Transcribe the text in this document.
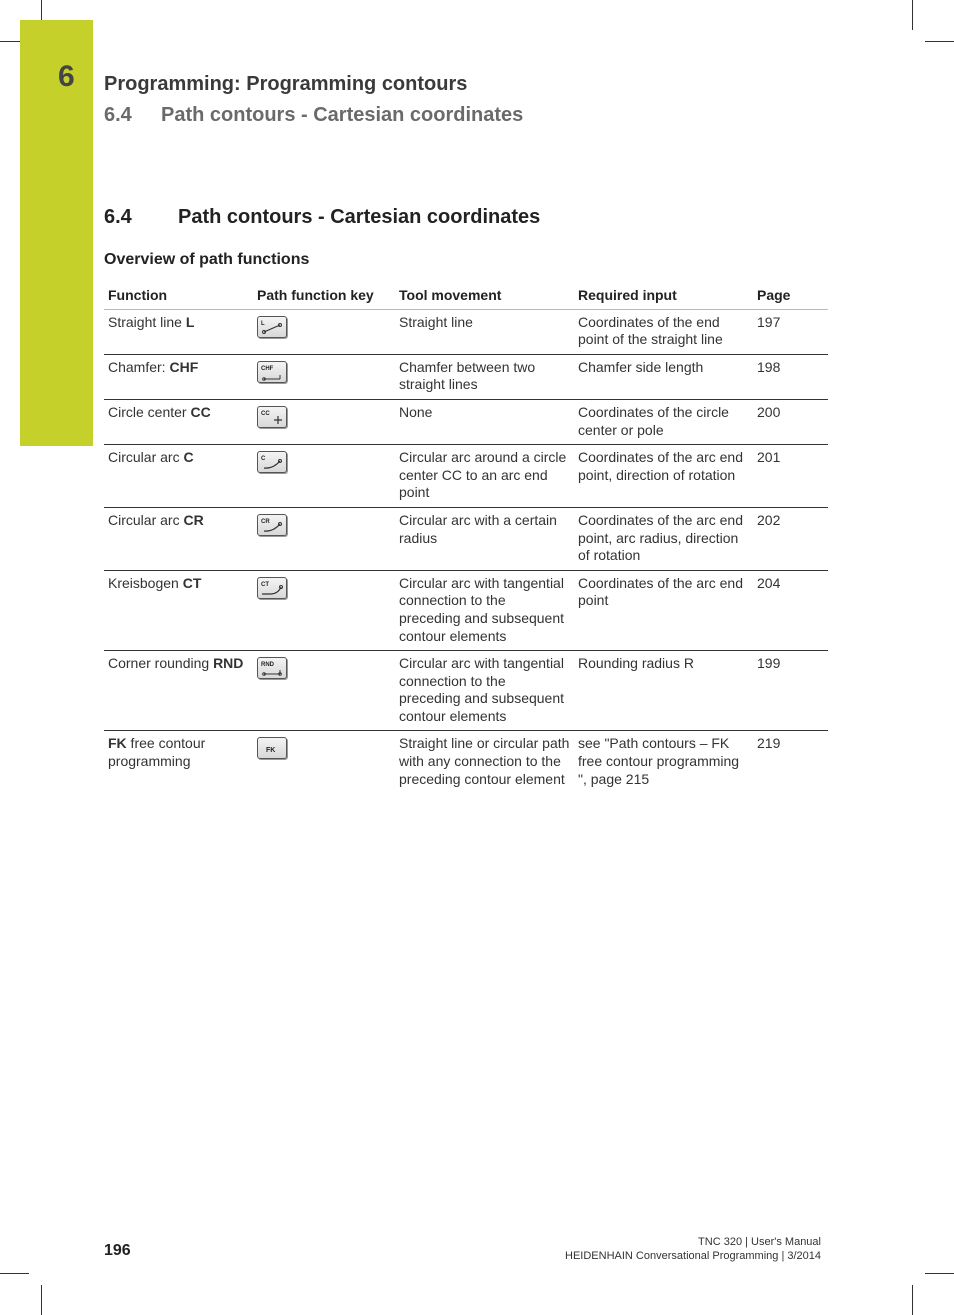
6 Programming: Programming contours
6.4 Path contours - Cartesian coordinates
6.4 Path contours - Cartesian coordinates
Overview of path functions
Function	Path function key	Tool movement	Required input	Page
Straight line L	L	Straight line	Coordinates of the end point of the straight line	197
Chamfer: CHF	CHF	Chamfer between two straight lines	Chamfer side length	198
Circle center CC	CC	None	Coordinates of the circle center or pole	200
Circular arc C	C	Circular arc around a circle center CC to an arc end point	Coordinates of the arc end point, direction of rotation	201
Circular arc CR	CR	Circular arc with a certain radius	Coordinates of the arc end point, arc radius, direction of rotation	202
Kreisbogen CT	CT	Circular arc with tangential connection to the preceding and subsequent contour elements	Coordinates of the arc end point	204
Corner rounding RND	RND	Circular arc with tangential connection to the preceding and subsequent contour elements	Rounding radius R	199
FK free contour programming	FK	Straight line or circular path with any connection to the preceding contour element	see "Path contours – FK free contour programming ", page 215	219
196	TNC 320 | User's Manual
HEIDENHAIN Conversational Programming | 3/2014
